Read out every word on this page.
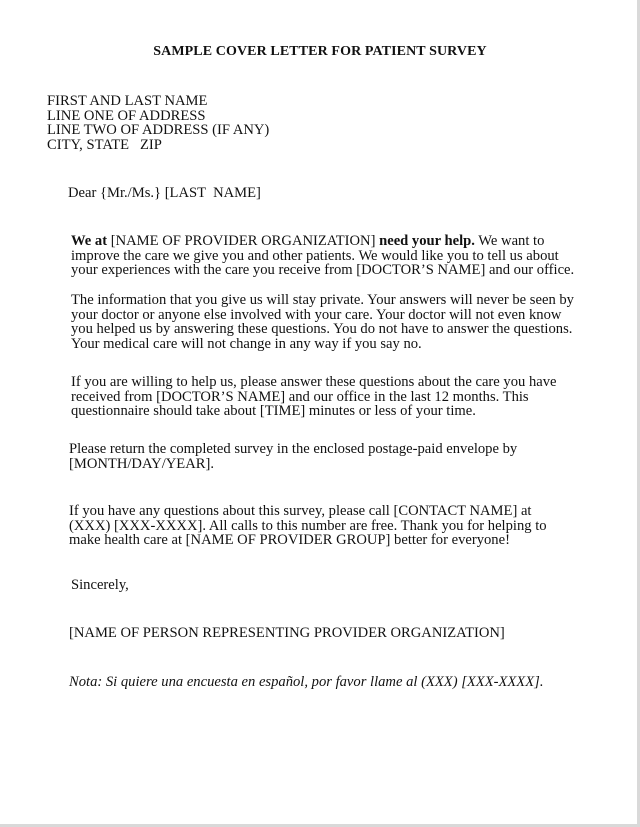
SAMPLE COVER LETTER FOR PATIENT SURVEY
FIRST AND LAST NAME
LINE ONE OF ADDRESS
LINE TWO OF ADDRESS (IF ANY)
CITY, STATE   ZIP
Dear {Mr./Ms.} [LAST  NAME]
We at [NAME OF PROVIDER ORGANIZATION] need your help. We want to
improve the care we give you and other patients. We would like you to tell us about
your experiences with the care you receive from [DOCTOR’S NAME] and our office.
The information that you give us will stay private. Your answers will never be seen by
your doctor or anyone else involved with your care. Your doctor will not even know
you helped us by answering these questions. You do not have to answer the questions.
Your medical care will not change in any way if you say no.
If you are willing to help us, please answer these questions about the care you have
received from [DOCTOR’S NAME] and our office in the last 12 months. This
questionnaire should take about [TIME] minutes or less of your time.
Please return the completed survey in the enclosed postage-paid envelope by
[MONTH/DAY/YEAR].
If you have any questions about this survey, please call [CONTACT NAME] at
(XXX) [XXX-XXXX]. All calls to this number are free. Thank you for helping to
make health care at [NAME OF PROVIDER GROUP] better for everyone!
Sincerely,
[NAME OF PERSON REPRESENTING PROVIDER ORGANIZATION]
Nota: Si quiere una encuesta en español, por favor llame al (XXX) [XXX-XXXX].
